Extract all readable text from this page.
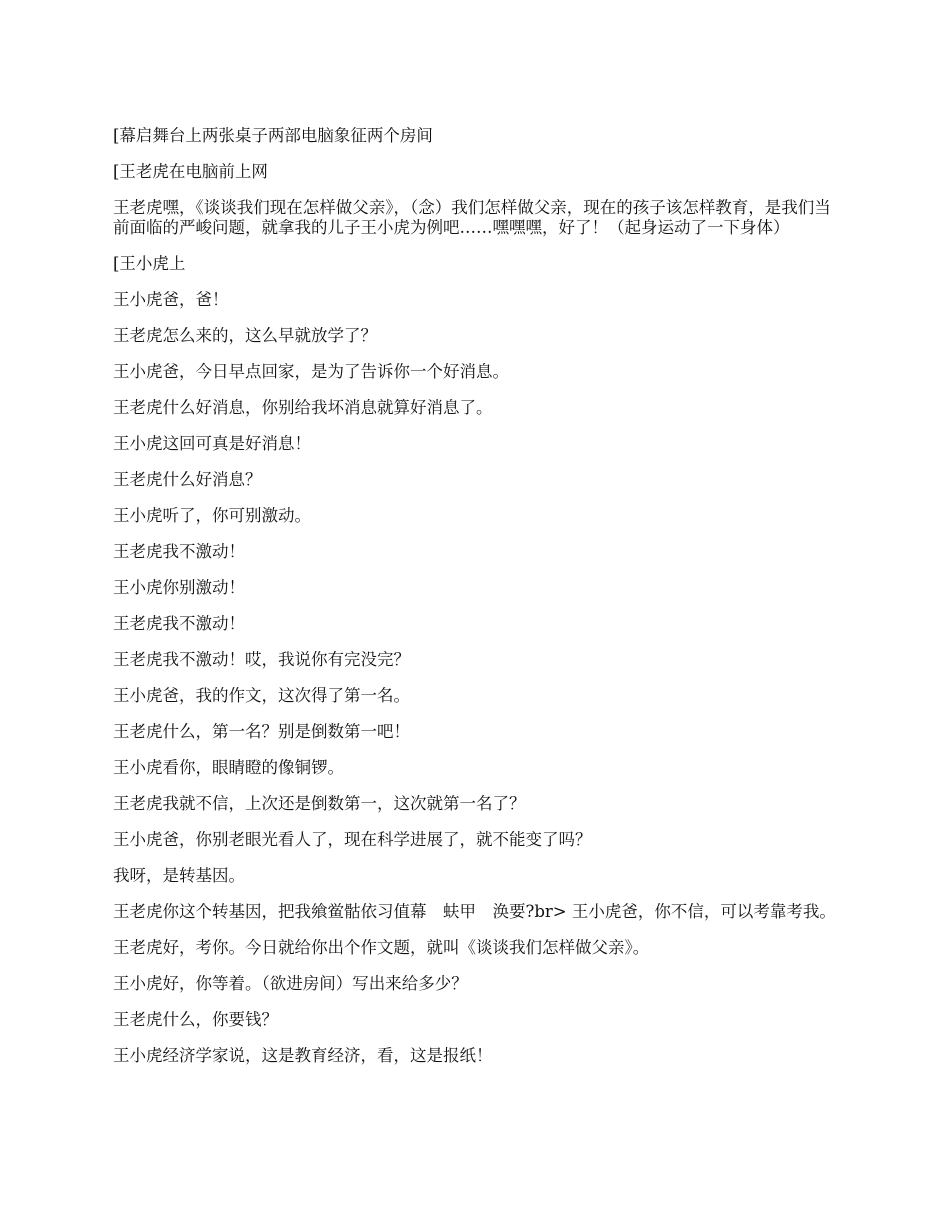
[幕启舞台上两张桌子两部电脑象征两个房间

[王老虎在电脑前上网

王老虎嘿，《谈谈我们现在怎样做父亲》，（念）我们怎样做父亲，现在的孩子该怎样教育，是我们当前面临的严峻问题，就拿我的儿子王小虎为例吧……嘿嘿嘿，好了！（起身运动了一下身体）

[王小虎上

王小虎爸，爸！

王老虎怎么来的，这么早就放学了？

王小虎爸，今日早点回家，是为了告诉你一个好消息。

王老虎什么好消息，你别给我坏消息就算好消息了。

王小虎这回可真是好消息！

王老虎什么好消息？

王小虎听了，你可别激动。

王老虎我不激动！

王小虎你别激动！

王老虎我不激动！

王老虎我不激动！哎，我说你有完没完？

王小虎爸，我的作文，这次得了第一名。

王老虎什么，第一名？别是倒数第一吧！

王小虎看你，眼睛瞪的像铜锣。

王老虎我就不信，上次还是倒数第一，这次就第一名了？

王小虎爸，你别老眼光看人了，现在科学进展了，就不能变了吗？

我呀，是转基因。

王老虎你这个转基因，把我飨鲎骷依习值幕　蚨甲　涣要?br> 王小虎爸，你不信，可以考靠考我。

王老虎好，考你。今日就给你出个作文题，就叫《谈谈我们怎样做父亲》。

王小虎好，你等着。（欲进房间）写出来给多少？

王老虎什么，你要钱？

王小虎经济学家说，这是教育经济，看，这是报纸！
